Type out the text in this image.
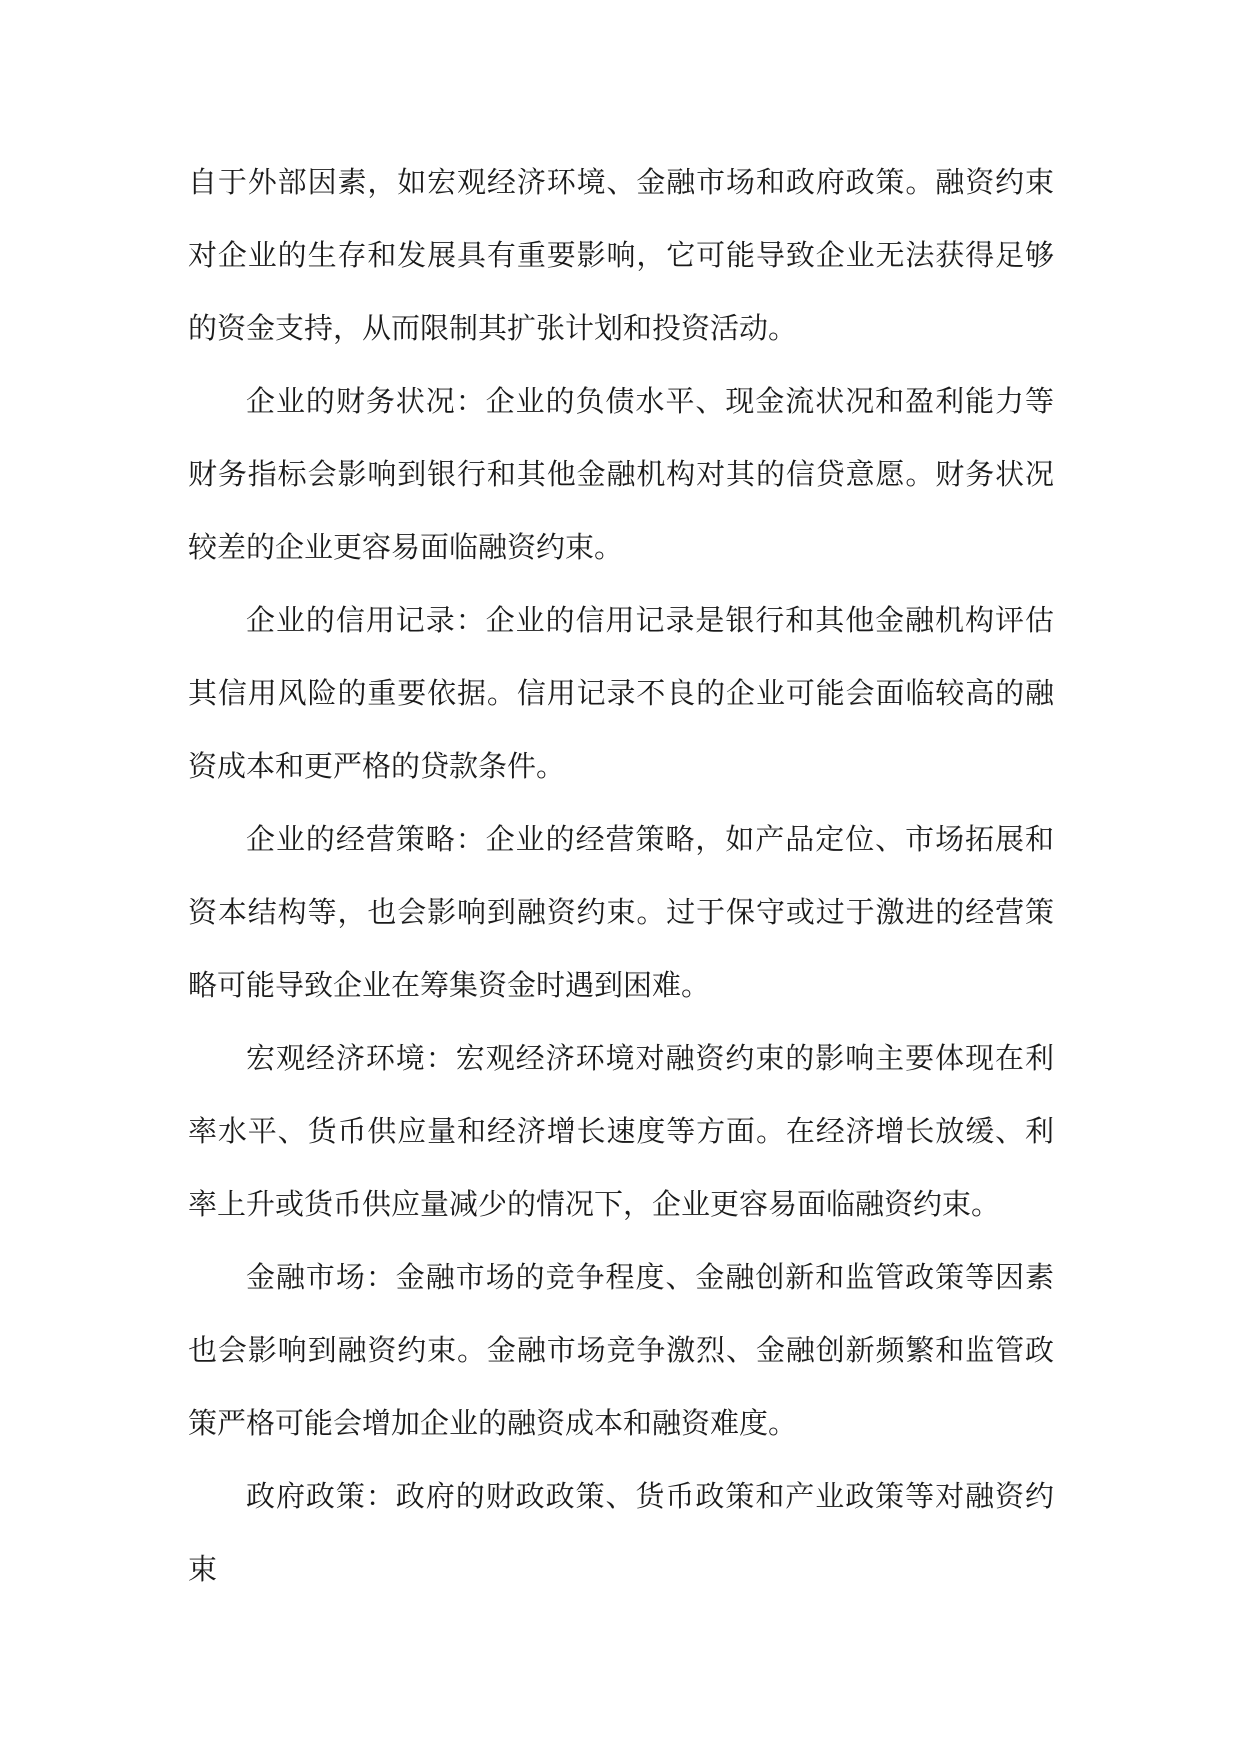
自于外部因素，如宏观经济环境、金融市场和政府政策。融资约束对企业的生存和发展具有重要影响，它可能导致企业无法获得足够的资金支持，从而限制其扩张计划和投资活动。

企业的财务状况：企业的负债水平、现金流状况和盈利能力等财务指标会影响到银行和其他金融机构对其的信贷意愿。财务状况较差的企业更容易面临融资约束。

企业的信用记录：企业的信用记录是银行和其他金融机构评估其信用风险的重要依据。信用记录不良的企业可能会面临较高的融资成本和更严格的贷款条件。

企业的经营策略：企业的经营策略，如产品定位、市场拓展和资本结构等，也会影响到融资约束。过于保守或过于激进的经营策略可能导致企业在筹集资金时遇到困难。

宏观经济环境：宏观经济环境对融资约束的影响主要体现在利率水平、货币供应量和经济增长速度等方面。在经济增长放缓、利率上升或货币供应量减少的情况下，企业更容易面临融资约束。

金融市场：金融市场的竞争程度、金融创新和监管政策等因素也会影响到融资约束。金融市场竞争激烈、金融创新频繁和监管政策严格可能会增加企业的融资成本和融资难度。

政府政策：政府的财政政策、货币政策和产业政策等对融资约束
